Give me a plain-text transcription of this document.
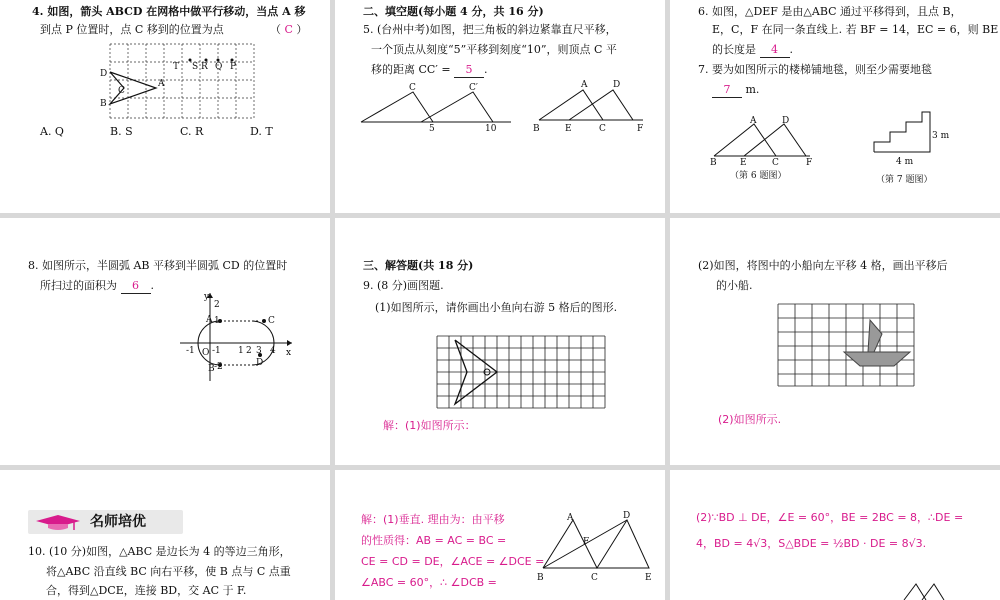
4. 如图，箭头 ABCD 在网格中做平行移动，当点 A 移
到点 P 位置时，点 C 移到的位置为点	（ C ）
T S R Q P
D
A
C
B
A. Q	B. S	C. R	D. T
二、填空题(每小题 4 分，共 16 分)
5. (台州中考)如图，把三角板的斜边紧靠直尺平移，
一个顶点从刻度“5”平移到刻度“10”，则顶点 C 平
移的距离 CC′ = 5 .
C	C′
5	10
A	D
B	E	C	F
6. 如图，△DEF 是由△ABC 通过平移得到，且点 B，
E，C，F 在同一条直线上. 若 BF = 14，EC = 6，则 BE
的长度是 4 .
7. 要为如图所示的楼梯铺地毯，则至少需要地毯
7 m.
A	D
B	E	C	F
3 m
4 m
（第 6 题图）	（第 7 题图）
8. 如图所示，半圆弧 AB 平移到半圆弧 CD 的位置时
所扫过的面积为 6 .
y
x
O
A
B
C
D
2
1
-1
-2
-1	1 2 3 4
三、解答题(共 18 分)
9. (8 分)画图题.
(1)如图所示，请你画出小鱼向右游 5 格后的图形.
解：(1)如图所示：
(2)如图，将图中的小船向左平移 4 格，画出平移后
的小船.
(2)如图所示.
名师培优
10. (10 分)如图，△ABC 是边长为 4 的等边三角形，
将△ABC 沿直线 BC 向右平移，使 B 点与 C 点重
合，得到△DCE，连接 BD，交 AC 于 F.
解：(1)垂直. 理由为：由平移
的性质得：AB = AC = BC =
CE = CD = DE，∠ACE = ∠DCE =
∠ABC = 60°，∴ ∠DCB =
A	D
F
B	C	E
(2)∵BD ⊥ DE，∠E = 60°，BE = 2BC = 8，∴DE =
4，BD = 4√3，S△BDE = ½BD · DE = 8√3.
